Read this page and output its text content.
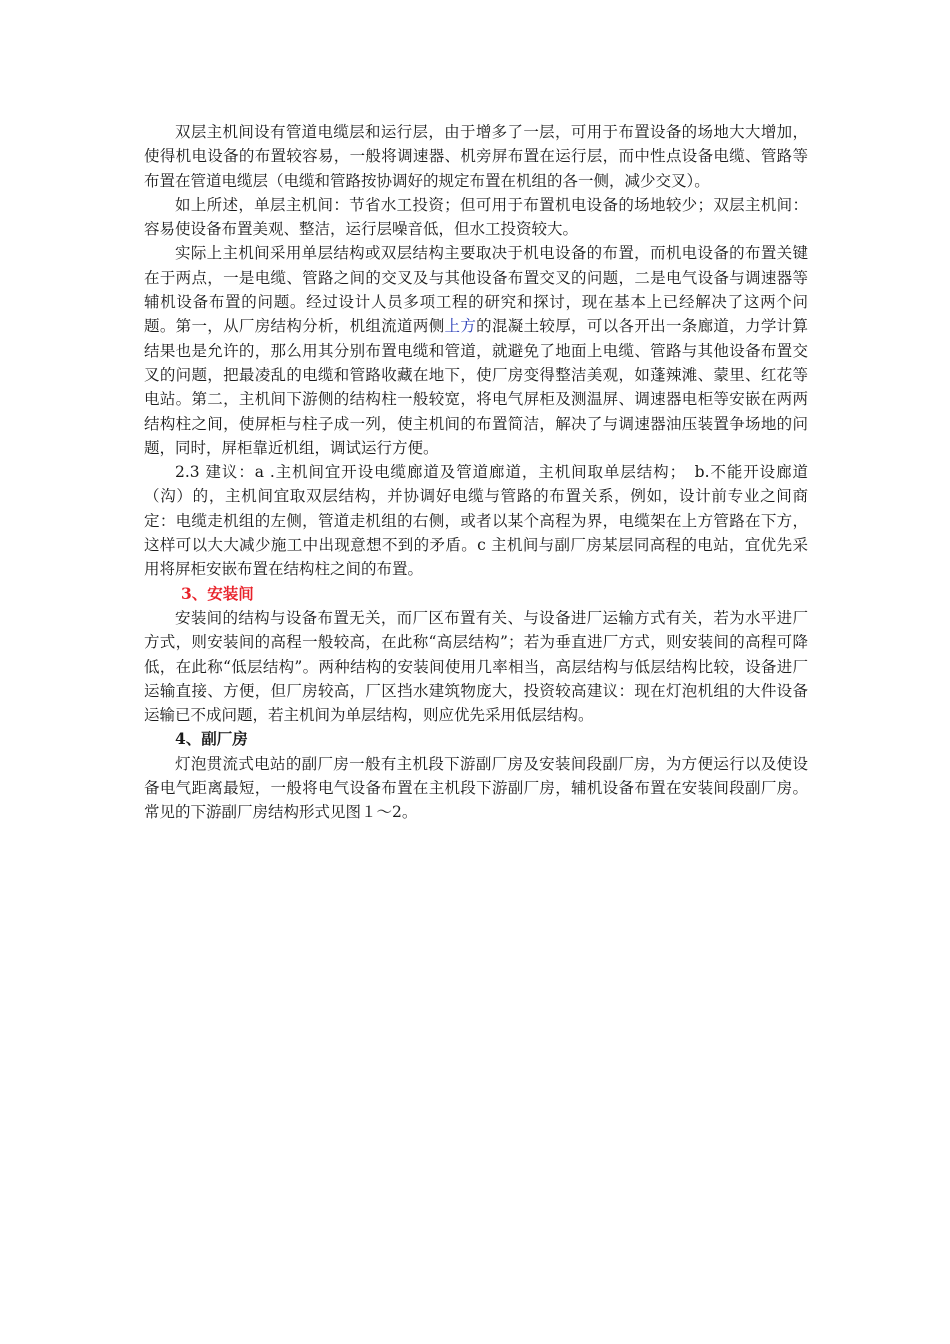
双层主机间设有管道电缆层和运行层，由于增多了一层，可用于布置设备的场地大大增加，使得机电设备的布置较容易，一般将调速器、机旁屏布置在运行层，而中性点设备电缆、管路等布置在管道电缆层（电缆和管路按协调好的规定布置在机组的各一侧，减少交叉）。

如上所述，单层主机间：节省水工投资；但可用于布置机电设备的场地较少；双层主机间：容易使设备布置美观、整洁，运行层噪音低，但水工投资较大。

实际上主机间采用单层结构或双层结构主要取决于机电设备的布置，而机电设备的布置关键在于两点，一是电缆、管路之间的交叉及与其他设备布置交叉的问题，二是电气设备与调速器等辅机设备布置的问题。经过设计人员多项工程的研究和探讨，现在基本上已经解决了这两个问题。第一，从厂房结构分析，机组流道两侧上方的混凝土较厚，可以各开出一条廊道，力学计算结果也是允许的，那么用其分别布置电缆和管道，就避免了地面上电缆、管路与其他设备布置交叉的问题，把最凌乱的电缆和管路收藏在地下，使厂房变得整洁美观，如蓬辣滩、蒙里、红花等电站。第二，主机间下游侧的结构柱一般较宽，将电气屏柜及测温屏、调速器电柜等安嵌在两两结构柱之间，使屏柜与柱子成一列，使主机间的布置简洁，解决了与调速器油压装置争场地的问题，同时，屏柜靠近机组，调试运行方便。

2.3 建议：a .主机间宜开设电缆廊道及管道廊道，主机间取单层结构；　b.不能开设廊道（沟）的，主机间宜取双层结构，并协调好电缆与管路的布置关系，例如，设计前专业之间商定：电缆走机组的左侧，管道走机组的右侧，或者以某个高程为界，电缆架在上方管路在下方，这样可以大大减少施工中出现意想不到的矛盾。c 主机间与副厂房某层同高程的电站，宜优先采用将屏柜安嵌布置在结构柱之间的布置。

3、安装间

安装间的结构与设备布置无关，而厂区布置有关、与设备进厂运输方式有关，若为水平进厂方式，则安装间的高程一般较高，在此称“高层结构”；若为垂直进厂方式，则安装间的高程可降低，在此称“低层结构”。两种结构的安装间使用几率相当，高层结构与低层结构比较，设备进厂运输直接、方便，但厂房较高，厂区挡水建筑物庞大，投资较高建议：现在灯泡机组的大件设备运输已不成问题，若主机间为单层结构，则应优先采用低层结构。

4、副厂房

灯泡贯流式电站的副厂房一般有主机段下游副厂房及安装间段副厂房，为方便运行以及使设备电气距离最短，一般将电气设备布置在主机段下游副厂房，辅机设备布置在安装间段副厂房。常见的下游副厂房结构形式见图１～2。
